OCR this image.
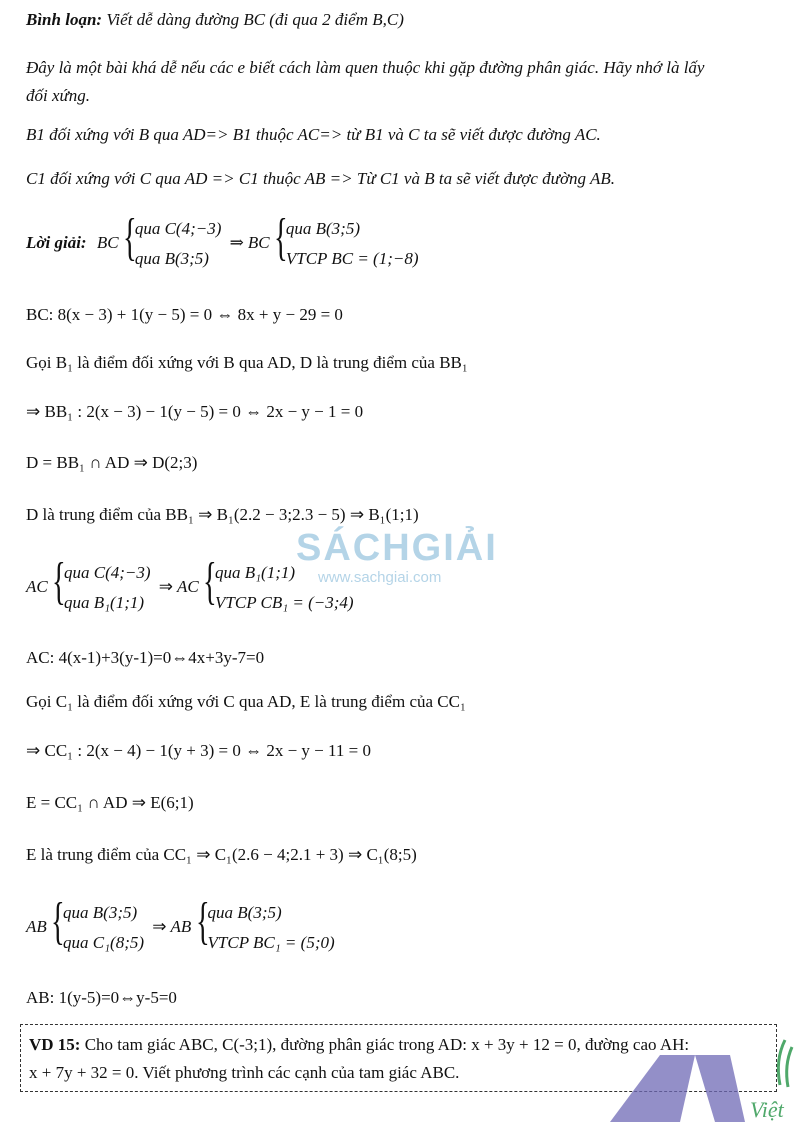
Bình loạn: Viết dễ dàng đường BC (đi qua 2 điểm B,C)
Đây là một bài khá dễ nếu các e biết cách làm quen thuộc khi gặp đường phân giác. Hãy nhớ là lấy
đối xứng.
B1 đối xứng với B qua AD=> B1 thuộc AC=> từ B1 và C ta sẽ viết được đường AC.
C1 đối xứng với C qua AD => C1 thuộc AB => Từ C1 và B ta sẽ viết được đường AB.
Lời giải: BC {
qua C(4;−3)
qua B(3;5)
⇒ BC {
qua B(3;5)
VTCP BC = (1;−8)
BC: 8(x − 3) + 1(y − 5) = 0 ⇔ 8x + y − 29 = 0
Gọi B₁ là điểm đối xứng với B qua AD, D là trung điểm của BB₁
⇒ BB₁ : 2(x − 3) − 1(y − 5) = 0 ⇔ 2x − y − 1 = 0
D = BB₁ ∩ AD ⇒ D(2;3)
D là trung điểm của BB₁ ⇒ B₁(2.2 − 3;2.3 − 5) ⇒ B₁(1;1)
AC {
qua C(4;−3)
qua B₁(1;1)
⇒ AC {
qua B₁(1;1)
VTCP CB₁ = (−3;4)
AC: 4(x-1)+3(y-1)=0⇔4x+3y-7=0
Gọi C₁ là điểm đối xứng với C qua AD, E là trung điểm của CC₁
⇒ CC₁ : 2(x − 4) − 1(y + 3) = 0 ⇔ 2x − y − 11 = 0
E = CC₁ ∩ AD ⇒ E(6;1)
E là trung điểm của CC₁ ⇒ C₁(2.6 − 4;2.1 + 3) ⇒ C₁(8;5)
AB {
qua B(3;5)
qua C₁(8;5)
⇒ AB {
qua B(3;5)
VTCP BC₁ = (5;0)
AB: 1(y-5)=0⇔y-5=0
VD 15: Cho tam giác ABC, C(-3;1), đường phân giác trong AD: x + 3y + 12 = 0, đường cao AH:
x + 7y + 32 = 0. Viết phương trình các cạnh của tam giác ABC.
SÁCHGIẢI
www.sachgiai.com
Việt
